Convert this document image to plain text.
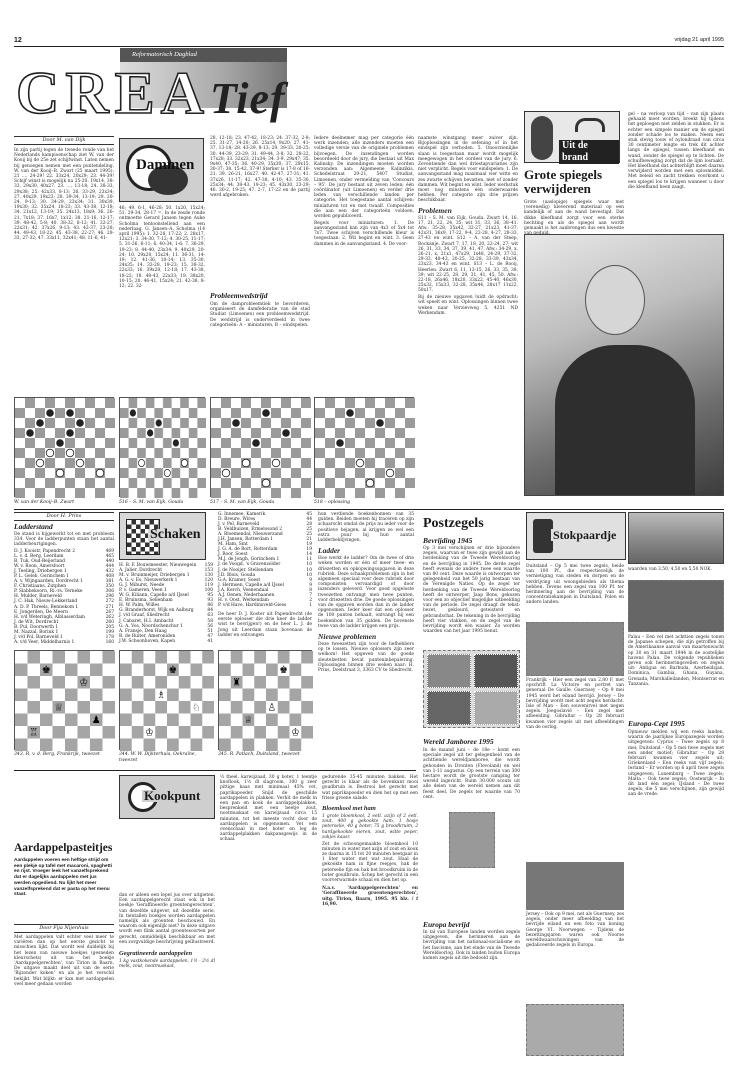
12	vrijdag 21 april 1995
Reformatorisch Dagblad
CREATief
Door M. van Dijk
In zijn partij tegen de tweede ronde van het Nederlands kampioenschap ziet W. van der Kooij bij de 25e zet schijfwinst. Laten nemen bij genoegen nemen met een puntendeling. W. van der Kooij–B. Zwart (25 maart 1995): 21 ..., 24-29! 22. 33x24, 20x29; 23. 44-39! Schijf winst is mogelijk na 25-20. 19x14, 38-33, 29x30, 40x27. 23. ..., 13-18; 24. 38-33, 29x38; 25. 42x33, 8-13; 26. 33-29, 23x34; 27. 40x29, 19x23; 28. 39-34, 13-19; 29. 20-24, 9-13; 30. 34-29, 23x34; 31. 30x39, 19x30; 32. 35x24, 18-23; 33. 43-38, 12-18; 34. 21x12, 13-19; 35. 24x13, 18x9; 36. 26-21, 7x18; 37. 16x7, 1x12; 38. 21-16, 12-17; 39. 48-42, 5-8; 40. 38-32, 8-12; 41. 32-27, 22x31; 42. 37x26, 9-13; 43. 42-37, 23-28; 44. 49-43, 18-22; 45. 43-38, 22-27; 46. 28-33, 27-32; 47. 33x11, 32x41; 48. 11-6, 41-
Dammen
46; 49. 6-1, 46-28; 50. 1x20, 15x24; 51. 39-34, 28-17 =. In de zesde ronde ontmoette Gerard Jansen tegen Auke Scholma tentoonstellend aan een nederlaag. G. Jansen–A. Scholma (14 april 1995): 1. 32-28, 17-22; 2. 28x17, 12x21; 3. 34-30, 7-12; 4. 30-25, 11-17; 5. 31-26, 6-11; 6. 40-34, 1-6; 7. 36-29, 19-23; 8. 44-40, 23x34; 9. 40x29, 20-24; 10. 29x20, 15x24; 11. 36-31, 14-19; 12. 41-36, 10-14; 13. 35-30, 24x35; 14. 33-28, 19-23; 15. 38-32, 22x33; 16. 39x28, 12-18; 17. 43-38, 18-22; 18. 48-43, 22x33; 19. 38x20, 10-15; 20. 46-41, 15x24; 21. 42-38, 8-12; 22. 32-
28, 12-18; 23. 47-42, 18-23; 24. 37-32, 2-8; 25. 31-27, 14-20; 26. 25x14, 9x20; 27. 41-37, 13-18; 28. 43-39, 8-13; 29. 39-33, 20-25; 30. 44-39, 23-29; 31. 49-44, 3-8; 32. 28-22, 17x28; 33. 32x23, 21x34; 34. 3-9, 29x47; 35. 9x40, 47-35; 36. 40-29, 35x30; 37. 29x15, 30-37; 38. 15-42, 37-9! Sterker is 17-8 of 16-21. 39. 26-21, 16x27. 40. 42-47, 27-31; 41. 37x26, 11-17; 42. 47-38, 4-10; 43. 35-30, 25x34; 44. 38-43, 19-23; 45. 43x30, 23-29; 46. 30-2, 19-25; 47. 2-7, 17-22 en de partij werd afgebroken.
Probleemwedstrijd
Om de damprobleemtiek te bevorderen, organiseert de damfederatie van de stad Studiat (Limoenen) een probleemwedstrijd. De wedstrijd is onderverdeeld in twee categorieën: A – miniaturen, B – eindspelen.

Iedere deelnemer mag per categorie één werk inzenden; alle inzenders moeten een volledige versie van de originele problemen bijvoegen. De inzendingen worden beoordeeld door de jury, die bestaat uit Max Kalinsky. De inzendingen moeten worden verzonden aan: Algemeene Kalinzikis, Schedelstraat 20-21, 5407 Studiat, Limoenen, onder vermelding van 'Concours – 95'. De jury bestaat uit zeven leden; één coördinator (uit Limoenen) en verder drie leden van verschillende landen per categorie. Het toegestane aantal schijven: miniaturen tot en met twaalf. Composities die aan een der categorieën voldoen, worden gepubliceerd.

Regels voor miniaturen: 1. De aanvangsstand kan zijn van 4x3 of 5x4 tot 7x7. Twee schijven verschillende kleur is toegestaan. 2. Wit begint en wint. 3. Geen dammen in de aanvangsstand. 4. De voor-

naamste winstgang meer zuiver zijn. Bijoplossingen in de oefening of in het eindspel zijn verboden. 5. Onoorzienlijke slaan is toegestaan maar wordt mogelijk meegewogen in het oordeel van de jury. 6. Zeventiende dan wel driestapvariaties zijn niet verplicht. Regels voor eindspelen: 1. De aanvangsstand mag maximaal vier witte en zes zwarte schijven bevatten, met of zonder dammen. Wit begint en wint. Ieder werkstuk moet nog minstens één onderwaarde hebben. Per categorie zijn drie prijzen beschikbaar.

Problemen

S11 – S. M. van Eijk, Gouda. Zwart 14, 16, 17, 21, 22, 24, 35; wit 31, 33, 36, 38–41. Afw.: 35-28, 35x42, 32-27, 21x23, 41-37, 42x31, 36x9, 17-22, 9-4, 22-28, 4-27, 28-33, 27-43 en wint. S12 – A. van der Steep, Rockanje. Zwart 7, 17, 18, 20, 22-24, 27; wit 26, 31, 33, 34, 37, 39, 41, 47. Afw.: 34-29, x, 26-21, x, 21x1, 47x29, 1x48, 24-29, 37-32, 29-33, 48-43, 20-25, 32-28, 33-39, 43x34, 23x23, 34-43 en wint. S13 – L. de Rooij, Heerlen. Zwart 6, 11, 13-15, 26, 33, 35, 38, 39; wit 22-25, 28, 29, 31, 41, 45, 50. Afw.: 22-18, 26x46, 18x20, 33x22, 45-40, 46x30, 25x32, 15x33, 32-28, 35x44, 28x17 11x22, 50x17.

Bij de nieuwe opgaven luidt de opdracht: wit speelt en wint. Oplossingen binnen twee weken naar Verzievweg 5, 4251 ND Werkendam.

W. van der Kooij–B. Zwart	516 – S. M. van Eijk, Gouda	517 – S. M. van Eijk, Gouda	518 – oplossing
Uit de brand
Grote spiegels verwijderen
Grote (aaslopige) spiegels waar met (verenedig) kleverend materiaal op een kandelijk of aan de wand bevestigd. Dat dikke kleefband zorgt voor een sterke hechting en als de spiegel aan wordt gemaakt is het aanbrengen dus een kwestie
gel – na verloop van tijd – van zijn plaats gehaald moet worden, breekt hij tijdens het geploegen niet zelden in stukken. Er is echter een simpele manier om de spiegel zonder schade los te maken. Neem een stuk stevig touw of nylondraad van circa 30 centimeter lengte en trek dit achter langs de spiegel, tussen kleefband en wand, zonder de spiegel op te lichten. De schuifbeweging zorgt dat de lijm losraakt. Het kleefband dat achterblijft moet daarna verwijderd worden met een oplosmiddel. Met beleid en zacht trekken voorkomt u een spiegel los te krijgen wanneer u door die kleefband heen zaagt.
Door H. Prins
Ladderstand
De stand is bijgewerkt tot en met probleem 334. Voor de ladderpunten staan het aantal ladderbeurtgingen.
D. J. Kooistr, Papendrecht 2	469
L. v. d. Berg, Leerdam	465
B. Tuk, Oud-Beijerland	440
W. v. Roon, Amersfoort	444
J. Teeling, Driebergen 1	432
P. L. Geleb, Gorinchem 1	408
A. v. Wijngaarden, Dordrecht 1	381
F. Christiaans, Zutphen	350
P. Slabbekoorn, Ri.-rs. Terneke	306
H. Mulder, Barneveld	296
J. C. Hak, Nieuw-Lekkerland	272
A. D. P. Threels, Bennekom 1	271
E. Jongerden, De Meern	267
H. v/d Weteringh, Alblasserdam	262
J. de Wit, Dordrecht	260
B. Pul, Doorwerth 1	205
M. Nazzal, Borink 1	199
J. v/d Pol, Barneveld 1	178
A. v/d Veer, Middelharnis 1	160
Schaken
H. B. F. Bouwmeester, Nieuwegein 159
A. Jalier, Dordrecht	153
M. v. Bruinmeijer, Driebergen 1	130
A. G. v. Es, Nieuwerkerk 1	120
G. J. Mihurst, Neede	119
P. v. Gameren, Veen 1	100
W. G. Kiliann, Capelle a/d IJssel	95
E. Bruinsma, Sellenham	93
H. W. Palm, Willes	86
G. Branderhorst, Wijk en Aalburg	84
J. v/d Graaf, Sliedrecht	63
J. Cabaret, H.I. Ambacht	58
G. A. Vos, Noordschenchur 1	56
A. Fransje, Den Haag	51
B. de Ruiter, Ameroniden	47
J.W. Schoonhoven, Kapen	41
G. Innemee, Kamerik	45
D. Breure, Wires	44
J. v. Pel, Barneveld	28
B. Veldhuizen, Ermelosond 2	25
A. Bloemendal, Nieuwerzand	25
J.H. Jansen, Rotterdam 1	21
M. Ham, Sint	19
J. G. A. de Rort, Rotterdam	19
J. Roor, Soest	14
M.J. de Jongh, Gorinchem 1	11
J. de Voogd, 's Gravenzolder	10
J. de Nooijer, Stellendam	10
J.D. Blois, Gouda	10
G.A. Kramer, Soest	9
J. Hermsen, Capelle a/d IJssel	9
J.A. Kerch, Veenendaal	8
A.J. Oenen, Nederhaanen	7
H. v. Oost, Werkendam	2
P. v/d Have, Hardinxveld-Giess	1
De heer D. J. Koster uit Papendrecht (de eerste oplosser die drie keer de ladder wist te bevrijgen!) en de heer L. J. de Jong uit Leerdam staan bovenaan de ladder en ontvangen

hun verdiende boekenbonnen van 35 gulden. Beiden moeten hij traceren op zijn schaarscht omdat de prijs nu ieder voor de positieve bejagen, al krijgen ze wel een extra puur bij hun aantal ladderbeklijvingen.

Ladder

Hoe werkt de ladder? Om de twee of drie weken worden er één of meer twee- en driezetten en opkopwingsopgaven in deze rubriek. Deze schaakproblemen zijn in het algemeen speciaal voor deze rubriek door componisten vervaardigd of door inzenders geleverd. Voor goed opgeloste tweezetten ontvangt men twee punten, voor driezetten drie. De goede oplossingen van de opgaven worden dan in de ladder opgenomen. Ieder keer dat een oplosser de 100 punten behaalt, ontvangt hij een boekenbon van 35 gulden. De bovenste twee van de ladder krijgen een prijs.

Nieuwe problemen

Deze tweezetten zijn voor de liefhebbers op te lossen. Nieuwe oplossers zijn zeer welkom! Het opgeven van de goede sleutelzetten bevat punteninbepalering. Oplossingen binnen drie weken naar: H. Prins, Doelstraat 3, 3363 CV te Sliedrecht.

343. R. v. d. Berg, Frankrijk, tweezet	344. W. W. Dijkterhuis, Oekraïne, tweezet
345. R. Patlach, Duitsland, tweezet
Postzegels
Bevrijding 1945
Op 3 mei verschijnen er drie bijzondere zegels, waarvan er twee zijn gewijd aan de herdenking van de Tweede Wereldoorlog en de bevrijding in 1945. De derde zegel heeft evenals de andere twee een waarde van 80 cent. Deze waarde is ontworpen ter gelegenheid van het 50 jarig bestaan van de Verenigde Naties. Op de zegel ter herdenking van de Tweede Wereldoorlog heeft de ontwerper, Jaap Bons, gekozen voor een zo objectief mogelijke uitbeelding van de periode. De zegel draagt de tekst: bezet, gekleurd, geteisterd en gebrandschat. De tekening in de bevrijding heeft vier vlakken, en de zegel van de bevrijding wordt één waaier. Zo worden waarden van het jaar 1995 benut.
Wereld Jamboree 1995
In de maand juni – de 18e – komt een speciale zegel uit ter gelegenheid van de achttiende wereldjamboree, die wordt gehouden in Dronten (Flevoland) en wel van 1-11 augustus. Op een terrein van 300 hectare wordt de grootste camping ter wereld ingericht. Ruim 30.000 scouts uit alle delen van de wereld nemen aan dit feest deel. De zegels ter waarde van 70 cent.
Europa bevrijd
In tal van Europese landen worden zegels uitgegeven, die herinneren aan de bevrijding van het nationaal-socialisme en het fascisme, aan het einde van de Tweede Wereldoorlog. Ook in landen buiten Europa komen zegels uit die bedoeld zijn.
Stokpaardje
Duitsland – Op 5 mei twee zegels, beide van 100 Pf., die respectievelijk de vernietiging van steden en dorpen en de verdrijving uit woongebieden als thema hebben. Tevens een zegel van 100 Pf. ter herinnering aan de bevrijding van de concentratiekampen in Duitsland, Polen en andere landen.
Frankrijk – Hier een zegel van 2,80 F, met opschrift La Victoire en portret van generaal De Gaulle. Guernsey – Op 9 mei 1945 werd het eiland bevrijd. Jersey – De bevrijding wordt met acht zegels herdacht. Isle of Man – Een souvenirvel met negen zegels. Joegoslavië – Een zegel met afbeelding. Gibraltar – Op 28 februari kwamen vier zegels uit met afbeeldingen van de oorlog.
Jersey – Ook op 9 mei, net als Guernsey, zes zegels, onder meer afbeelding van het bevrijde eiland en een foto van koning George VI. Noorwegen – Tijdens de bezettingsjaren waren ook Noorse wereldwaarschuwingen van de gedaliceerde zegels in Europa.
waarden van 3,50, 4,50 en 5,50 NOK.
Palau – Een vel met achttien zegels tonen de Japanse schepen, die zijn getroffen bij de Amerikaanse aanval van maartenwacht op 30 en 31 maart 1944 in de oostelijke havens Palau. De volgende republieken geven ook herinneringsvellen en zegels uit: Antigua en Barbuda, Azerbeidzjan, Dominica, Gambia, Ghana, Guyana, Grenada, Marshalleilanden, Montserrat en Tanzania.
Europa-Cept 1995
Opnieuw melden wij een reeks landen, waarin de jaarlijkse Europazegels worden uitgegeven: Cyprus – Twee zegels op 8 mei; Duitsland – Op 5 mei twee zegels met een ander motief; Gibraltar – Op 28 februari kwamen vier zegels uit; Griekenland – Een reeks van vijf zegels; Ierland – Er worden op 6 april twee zegels uitgegeven; Luxemburg – Twee zegels; Malta – Ook twee zegels; Oostenrijk – In dit land één zegel; IJsland – De twee zegels, die 5 mei verschijnen, zijn gewijd aan de vrede.
Kookpunt
Aardappelpasteitjes
Aardappelen voeren een heftige strijd om een plekje op tafel met macaroni, spaghetti en rijst. Vroeger leek het vanzelfsprekend dat er dagelijks aardappelen met jus werden opgediend. Nu lijkt het meer vanzelfsprekend dat er pasta op het menu staat.
Door Fija Nijenhuis
Met aardappelen valt echter veel meer te variëren dan op het eerste gezicht te misschien lijkt. Dat wordt wel duidelijk bij het lezen van nieuwe boekjes (gesneden kleurschets) uit van het boekje 'Aardappelgerechten', van Tirion in Baarn. De uitgave maakt deel uit van de serie 'Bijzonder koken' en als je het verschil bekijkt. Wat blijkt: er kan met aardappelen veel meer gedaan worden

dan er alleen een lepel jus over uitgieten. Een aardappelgerecht staat ook in het boekje 'Geraffineerde groentengerechten', van dezelfde uitgever, uit dezelfde serie. In tientallen boekjes worden aardappelen namelijk als groenten beschouwd. En waarom ook eigenlijk niet? In deze uitgave wordt een flink aantal groentesoorten per gerecht, onmiddelijk beschikbaar en met een zorgvuldige beschrijving geïllustreerd.

Gegratineerde aardappelen

1 kg vastkokende aardappelen, 1½ - 2½ dl melk, zout, nootmuskaat,

½ theel. karwijzaad, 30 g boter, 1 teentje knoflook, 1½ dl slagroom, 100 g zeer pittige kaas met minimaal 45% vet, paprikapoeder. Snijd de geschilde aardappelen in plakken. Verhit de melk in een pan en kook de aardappelplakken, besprenkeld met een beetje zout, nootmuskaat en karwijzaad circa 15 minuten, tot het meeste vocht door de aardappelen is opgenomen. Vet een ovenschaal in met boter en leg de aardappelplakken dakpansgewijs in de schaal.

gedurende 35-45 minuten bakken. Het gerecht is klaar als de bovenkant mooi goudbruin is. Bestrooi het gerecht met wat paprikapoeder en dien het op met een frisse groene salade.

Bloemkool met ham

1 grote bloemkool, 2 eetl. azijn of 2 eetl. zout, 400 g gekookte ham, 1 bosje peterselie, 40 g boter, 75 g broodkruim, 2 hardgekookte eieren, zout, witte peper, zakjes kaasr.

Zet de schoongemaakte bloemkool 10 minuten in water met azijn of zout en kook ze daarna in 15 tot 20 minuten beetgaar in 1 liter water met wat zout. Haal de gekookte ham in fijne reepjes, hak de peterselie fijn en bak het broodkruim in de boter goudbruin. Schep het gerecht in een voorverwarmde schaal en dien het op.

N.a.v. 'Aardappelgerechten' en 'Geraffineerde groentengerechten', uitg. Tirion, Baarn, 1995. 95 blz. / f 16,90.
